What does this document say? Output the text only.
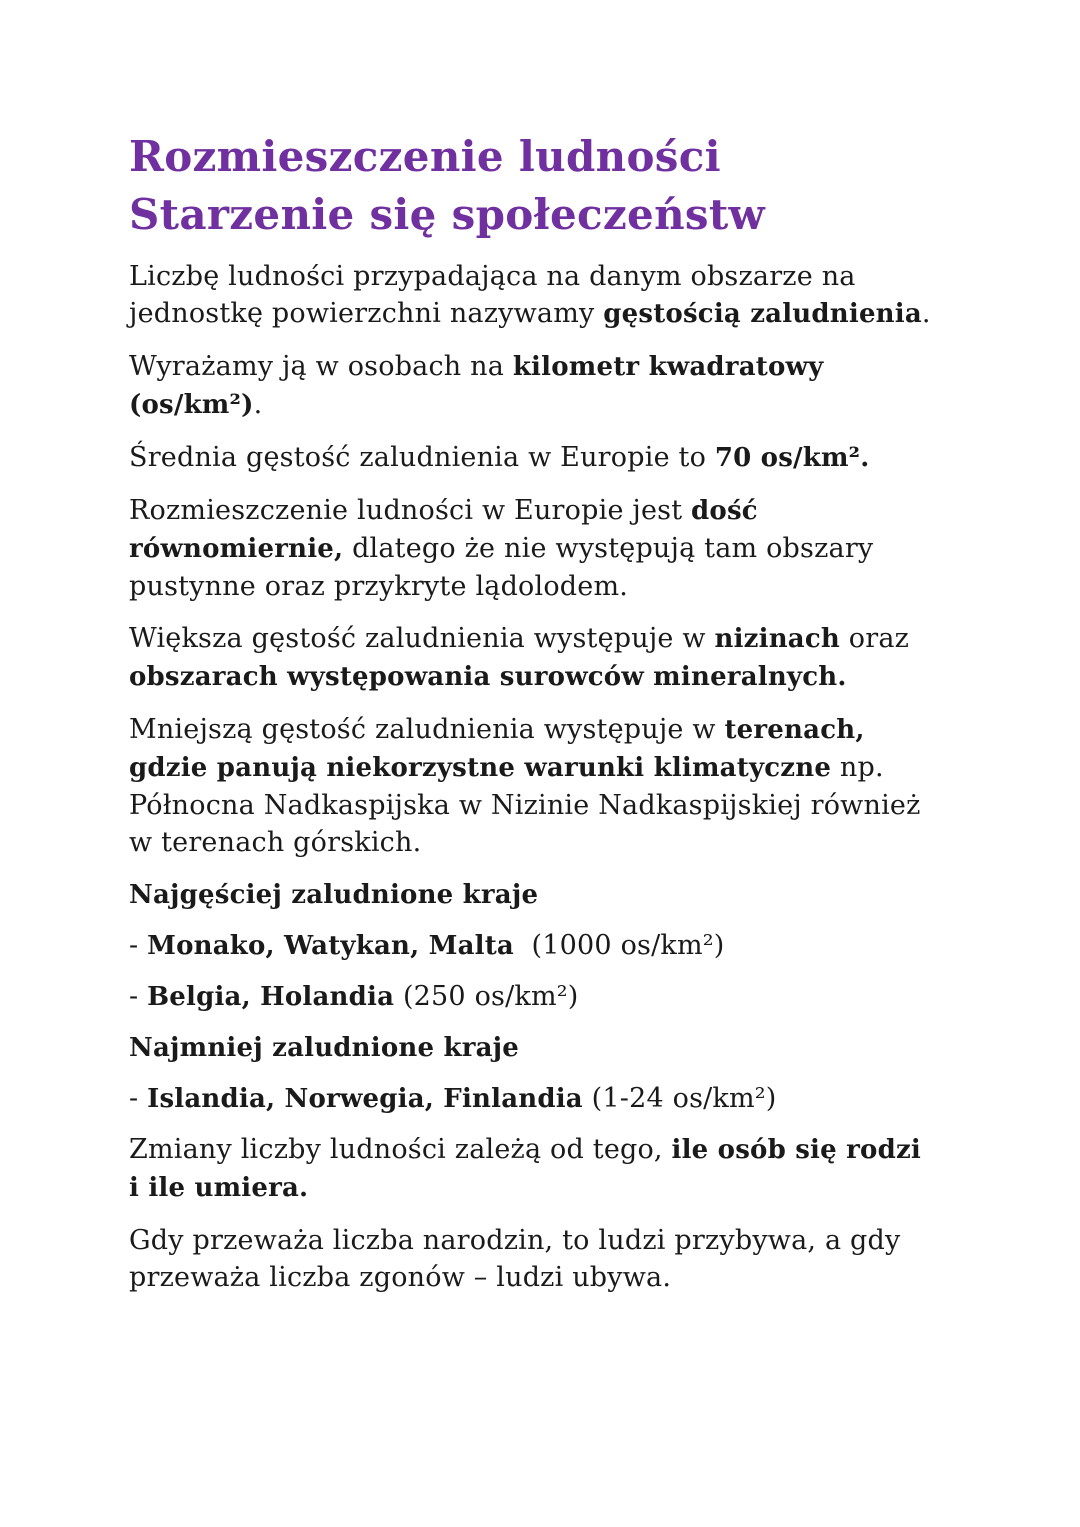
Rozmieszczenie ludności
Starzenie się społeczeństw

Liczbę ludności przypadająca na danym obszarze na
jednostkę powierzchni nazywamy gęstością zaludnienia.

Wyrażamy ją w osobach na kilometr kwadratowy
(os/km²).

Średnia gęstość zaludnienia w Europie to 70 os/km².

Rozmieszczenie ludności w Europie jest dość
równomiernie, dlatego że nie występują tam obszary
pustynne oraz przykryte lądolodem.

Większa gęstość zaludnienia występuje w nizinach oraz
obszarach występowania surowców mineralnych.

Mniejszą gęstość zaludnienia występuje w terenach,
gdzie panują niekorzystne warunki klimatyczne np.
Północna Nadkaspijska w Nizinie Nadkaspijskiej również
w terenach górskich.

Najgęściej zaludnione kraje

- Monako, Watykan, Malta  (1000 os/km²)

- Belgia, Holandia (250 os/km²)

Najmniej zaludnione kraje

- Islandia, Norwegia, Finlandia (1-24 os/km²)

Zmiany liczby ludności zależą od tego, ile osób się rodzi
i ile umiera.

Gdy przeważa liczba narodzin, to ludzi przybywa, a gdy
przeważa liczba zgonów – ludzi ubywa.
